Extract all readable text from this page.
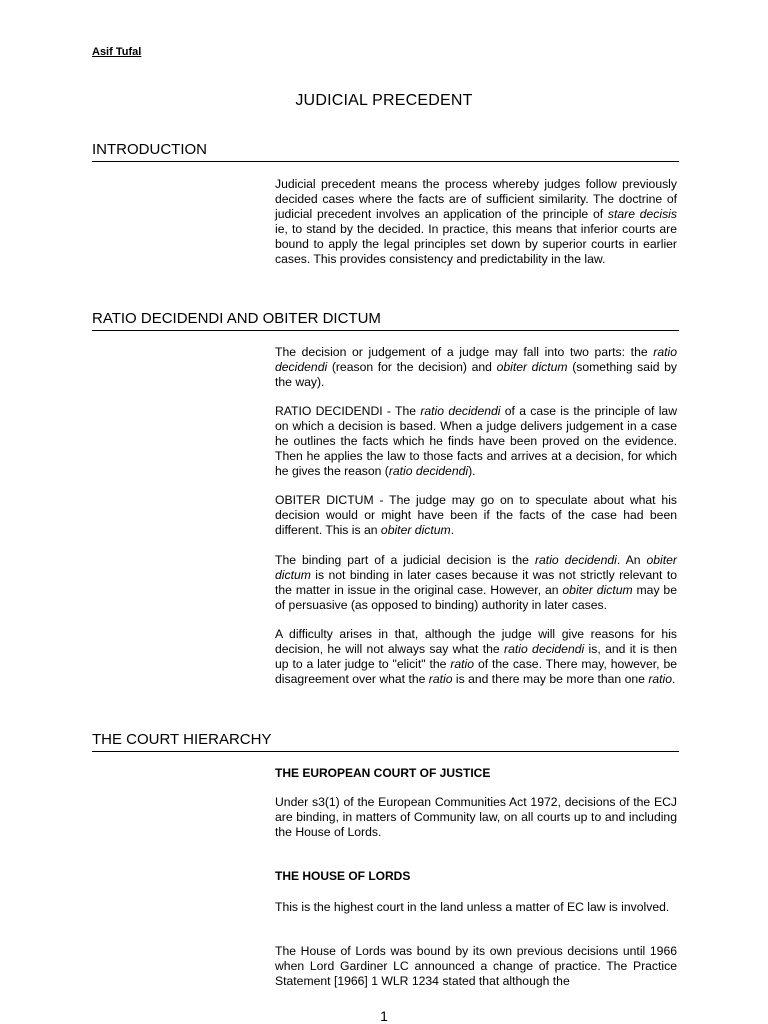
Asif Tufal
JUDICIAL PRECEDENT
INTRODUCTION

Judicial precedent means the process whereby judges follow previously decided cases where the facts are of sufficient similarity. The doctrine of judicial precedent involves an application of the principle of stare decisis ie, to stand by the decided. In practice, this means that inferior courts are bound to apply the legal principles set down by superior courts in earlier cases. This provides consistency and predictability in the law.

RATIO DECIDENDI AND OBITER DICTUM

The decision or judgement of a judge may fall into two parts: the ratio decidendi (reason for the decision) and obiter dictum (something said by the way).

RATIO DECIDENDI - The ratio decidendi of a case is the principle of law on which a decision is based. When a judge delivers judgement in a case he outlines the facts which he finds have been proved on the evidence. Then he applies the law to those facts and arrives at a decision, for which he gives the reason (ratio decidendi).

OBITER DICTUM - The judge may go on to speculate about what his decision would or might have been if the facts of the case had been different. This is an obiter dictum.

The binding part of a judicial decision is the ratio decidendi. An obiter dictum is not binding in later cases because it was not strictly relevant to the matter in issue in the original case. However, an obiter dictum may be of persuasive (as opposed to binding) authority in later cases.

A difficulty arises in that, although the judge will give reasons for his decision, he will not always say what the ratio decidendi is, and it is then up to a later judge to "elicit" the ratio of the case. There may, however, be disagreement over what the ratio is and there may be more than one ratio.

THE COURT HIERARCHY
THE EUROPEAN COURT OF JUSTICE

Under s3(1) of the European Communities Act 1972, decisions of the ECJ are binding, in matters of Community law, on all courts up to and including the House of Lords.

THE HOUSE OF LORDS

This is the highest court in the land unless a matter of EC law is involved.

The House of Lords was bound by its own previous decisions until 1966 when Lord Gardiner LC announced a change of practice. The Practice Statement [1966] 1 WLR 1234 stated that although the

1
